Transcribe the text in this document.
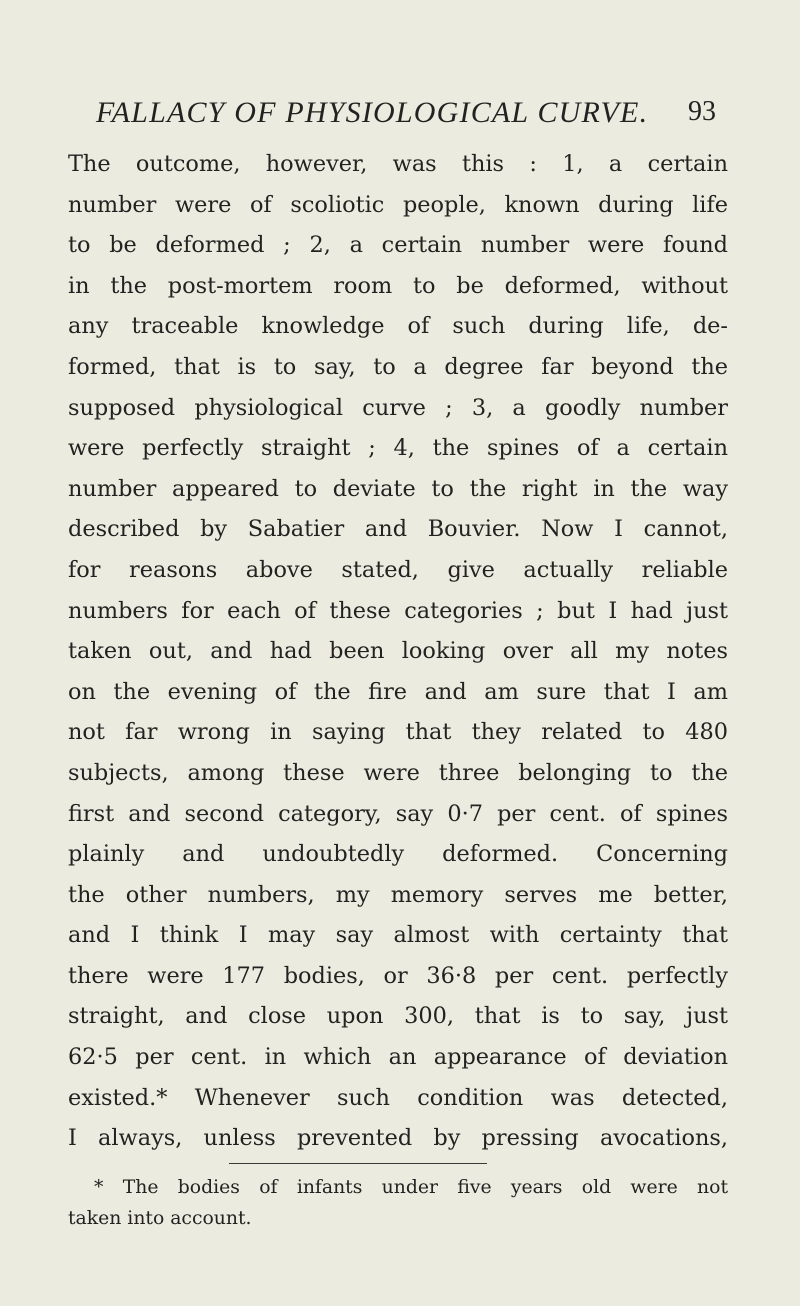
FALLACY OF PHYSIOLOGICAL CURVE. 93
The outcome, however, was this : 1, a certain
number were of scoliotic people, known during life
to be deformed ; 2, a certain number were found
in the post-mortem room to be deformed, without
any traceable knowledge of such during life, de-
formed, that is to say, to a degree far beyond the
supposed physiological curve ; 3, a goodly number
were perfectly straight ; 4, the spines of a certain
number appeared to deviate to the right in the way
described by Sabatier and Bouvier. Now I cannot,
for reasons above stated, give actually reliable
numbers for each of these categories ; but I had just
taken out, and had been looking over all my notes
on the evening of the fire and am sure that I am
not far wrong in saying that they related to 480
subjects, among these were three belonging to the
first and second category, say 0·7 per cent. of spines
plainly and undoubtedly deformed. Concerning
the other numbers, my memory serves me better,
and I think I may say almost with certainty that
there were 177 bodies, or 36·8 per cent. perfectly
straight, and close upon 300, that is to say, just
62·5 per cent. in which an appearance of deviation
existed.* Whenever such condition was detected,
I always, unless prevented by pressing avocations,
* The bodies of infants under five years old were not
taken into account.
